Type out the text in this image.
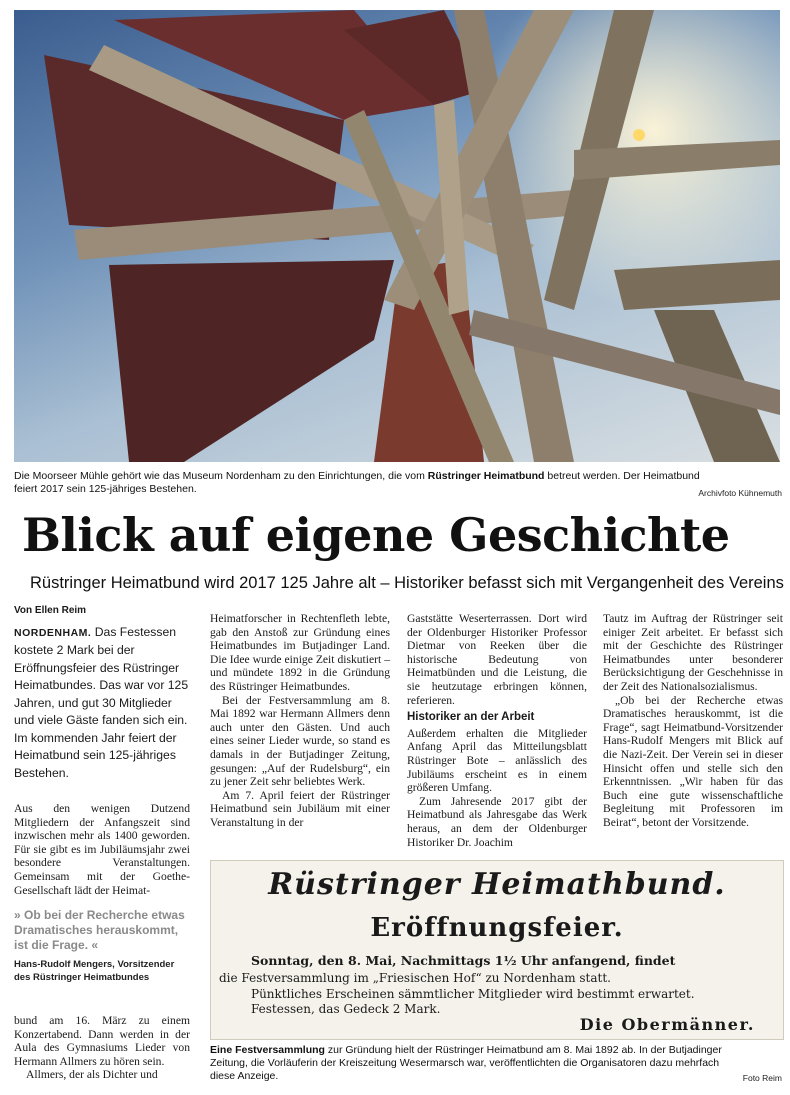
Die Moorseer Mühle gehört wie das Museum Nordenham zu den Einrichtungen, die vom Rüstringer Heimatbund betreut werden. Der Heimatbund
feiert 2017 sein 125-jähriges Bestehen.	Archivfoto Kühnemuth
Blick auf eigene Geschichte
Rüstringer Heimatbund wird 2017 125 Jahre alt – Historiker befasst sich mit Vergangenheit des Vereins
Von Ellen Reim
NORDENHAM. Das Festessen kostete 2 Mark bei der Eröffnungsfeier des Rüstringer Heimatbundes. Das war vor 125 Jahren, und gut 30 Mitglieder und viele Gäste fanden sich ein. Im kommenden Jahr feiert der Heimatbund sein 125-jähriges Bestehen.

Aus den wenigen Dutzend Mitgliedern der Anfangszeit sind inzwischen mehr als 1400 geworden. Für sie gibt es im Jubiläumsjahr zwei besondere Veranstaltungen. Gemeinsam mit der Goethe-Gesellschaft lädt der Heimat-

» Ob bei der Recherche etwas Dramatisches herauskommt, ist die Frage. «
Hans-Rudolf Mengers, Vorsitzender des Rüstringer Heimatbundes

bund am 16. März zu einem Konzertabend. Dann werden in der Aula des Gymnasiums Lieder von Hermann Allmers zu hören sein.

Allmers, der als Dichter und

Heimatforscher in Rechtenfleth lebte, gab den Anstoß zur Gründung eines Heimatbundes im Butjadinger Land. Die Idee wurde einige Zeit diskutiert – und mündete 1892 in die Gründung des Rüstringer Heimatbundes.

Bei der Festversammlung am 8. Mai 1892 war Hermann Allmers denn auch unter den Gästen. Und auch eines seiner Lieder wurde, so stand es damals in der Butjadinger Zeitung, gesungen: „Auf der Rudelsburg“, ein zu jener Zeit sehr beliebtes Werk.

Am 7. April feiert der Rüstringer Heimatbund sein Jubiläum mit einer Veranstaltung in der

Gaststätte Weserterrassen. Dort wird der Oldenburger Historiker Professor Dietmar von Reeken über die historische Bedeutung von Heimatbünden und die Leistung, die sie heutzutage erbringen können, referieren.

Historiker an der Arbeit

Außerdem erhalten die Mitglieder Anfang April das Mitteilungsblatt Rüstringer Bote – anlässlich des Jubiläums erscheint es in einem größeren Umfang.

Zum Jahresende 2017 gibt der Heimatbund als Jahresgabe das Werk heraus, an dem der Oldenburger Historiker Dr. Joachim

Tautz im Auftrag der Rüstringer seit einiger Zeit arbeitet. Er befasst sich mit der Geschichte des Rüstringer Heimatbundes unter besonderer Berücksichtigung der Geschehnisse in der Zeit des Nationalsozialismus.

„Ob bei der Recherche etwas Dramatisches herauskommt, ist die Frage“, sagt Heimatbund-Vorsitzender Hans-Rudolf Mengers mit Blick auf die Nazi-Zeit. Der Verein sei in dieser Hinsicht offen und stelle sich den Erkenntnissen. „Wir haben für das Buch eine gute wissenschaftliche Begleitung mit Professoren im Beirat“, betont der Vorsitzende.

Rüstringer Heimathbund.
Eröffnungsfeier.
Sonntag, den 8. Mai, Nachmittags 1½ Uhr anfangend, findet
die Festversammlung im „Friesischen Hof“ zu Nordenham statt.
Pünktliches Erscheinen sämmtlicher Mitglieder wird bestimmt erwartet.
Festessen, das Gedeck 2 Mark.
Die Obermänner.
Eine Festversammlung zur Gründung hielt der Rüstringer Heimatbund am 8. Mai 1892 ab. In der Butjadinger
Zeitung, die Vorläuferin der Kreiszeitung Wesermarsch war, veröffentlichten die Organisatoren dazu mehrfach
diese Anzeige.	Foto Reim
